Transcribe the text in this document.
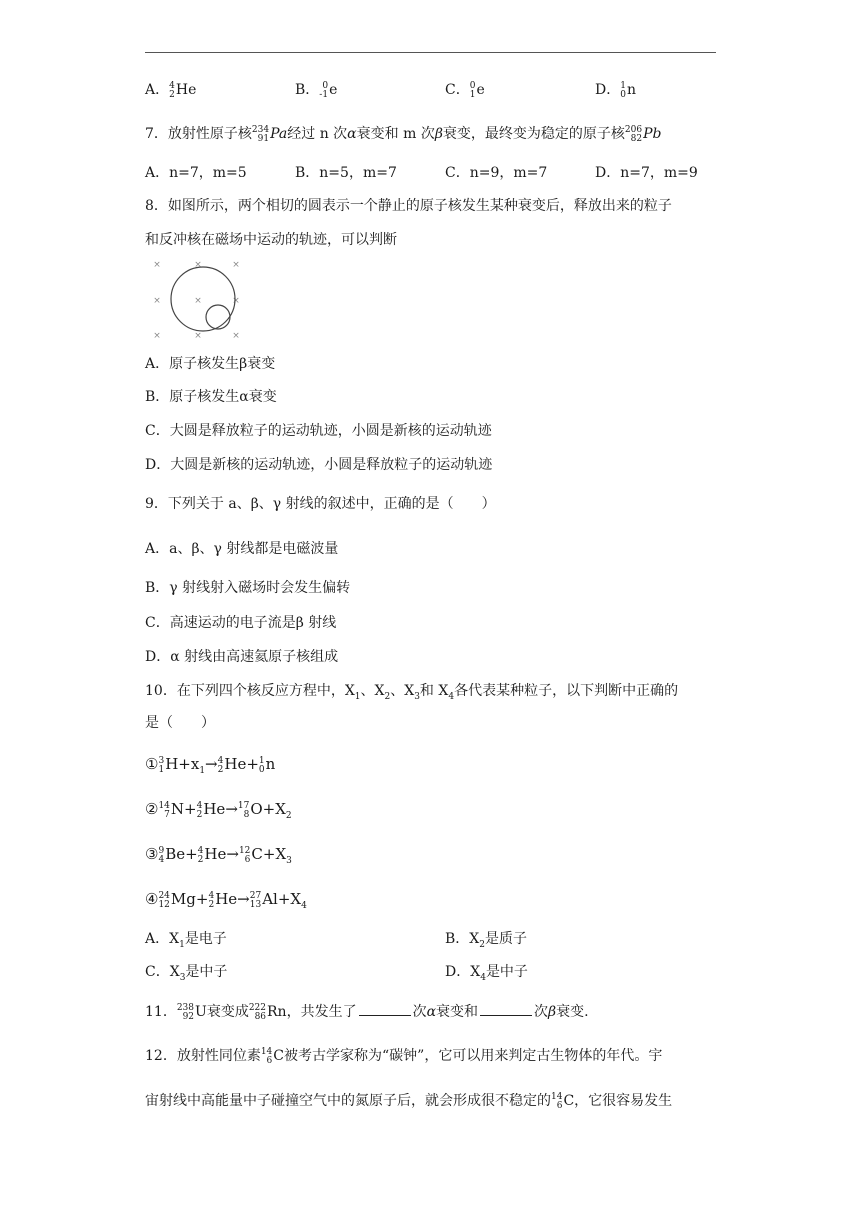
A． 4
2 He	B． 0
-1 e	C． 0
1 e	D． 1
0 n
7．放射性原子核 234
91 Pa经过 n 次α衰变和 m 次β衰变，最终变为稳定的原子核 206
82 Pb
A．n=7，m=5	B．n=5，m=7	C．n=9，m=7	D．n=7，m=9
8．如图所示，两个相切的圆表示一个静止的原子核发生某种衰变后，释放出来的粒子
和反冲核在磁场中运动的轨迹，可以判断
×	×	×
×	×	×
×	×	×
A．原子核发生β衰变
B．原子核发生α衰变
C．大圆是释放粒子的运动轨迹，小圆是新核的运动轨迹
D．大圆是新核的运动轨迹，小圆是释放粒子的运动轨迹
9．下列关于 a、β、γ 射线的叙述中，正确的是（　　）
A．a、β、γ 射线都是电磁波量
B．γ 射线射入磁场时会发生偏转
C．高速运动的电子流是β 射线
D．α 射线由高速氦原子核组成
10．在下列四个核反应方程中，$X_1$、$X_2$、$X_3$和 $X_4$各代表某种粒子，以下判断中正确的
是（　　）
① 3
1 $H+x_1\to 4$
2 He+ 1
0 n
② 14
7 N+ 4
2 He→ 17
8 $O+X_2$
③ 9
4 Be+ 4
2 He→ 12
6 $C+X_3$
④ 24
12 Mg+ 4
2 He→ 27
13 $Al+X_4$
A．$X_1$是电子	B．$X_2$是质子
C．$X_3$是中子	D．$X_4$是中子
11． 238
92 U衰变成 222
86 Rn，共发生了	次α衰变和	次β衰变.
12．放射性同位素 14
6 C被考古学家称为“碳钟”，它可以用来判定古生物体的年代。宇
宙射线中高能量中子碰撞空气中的氮原子后，就会形成很不稳定的 14
6 C，它很容易发生
